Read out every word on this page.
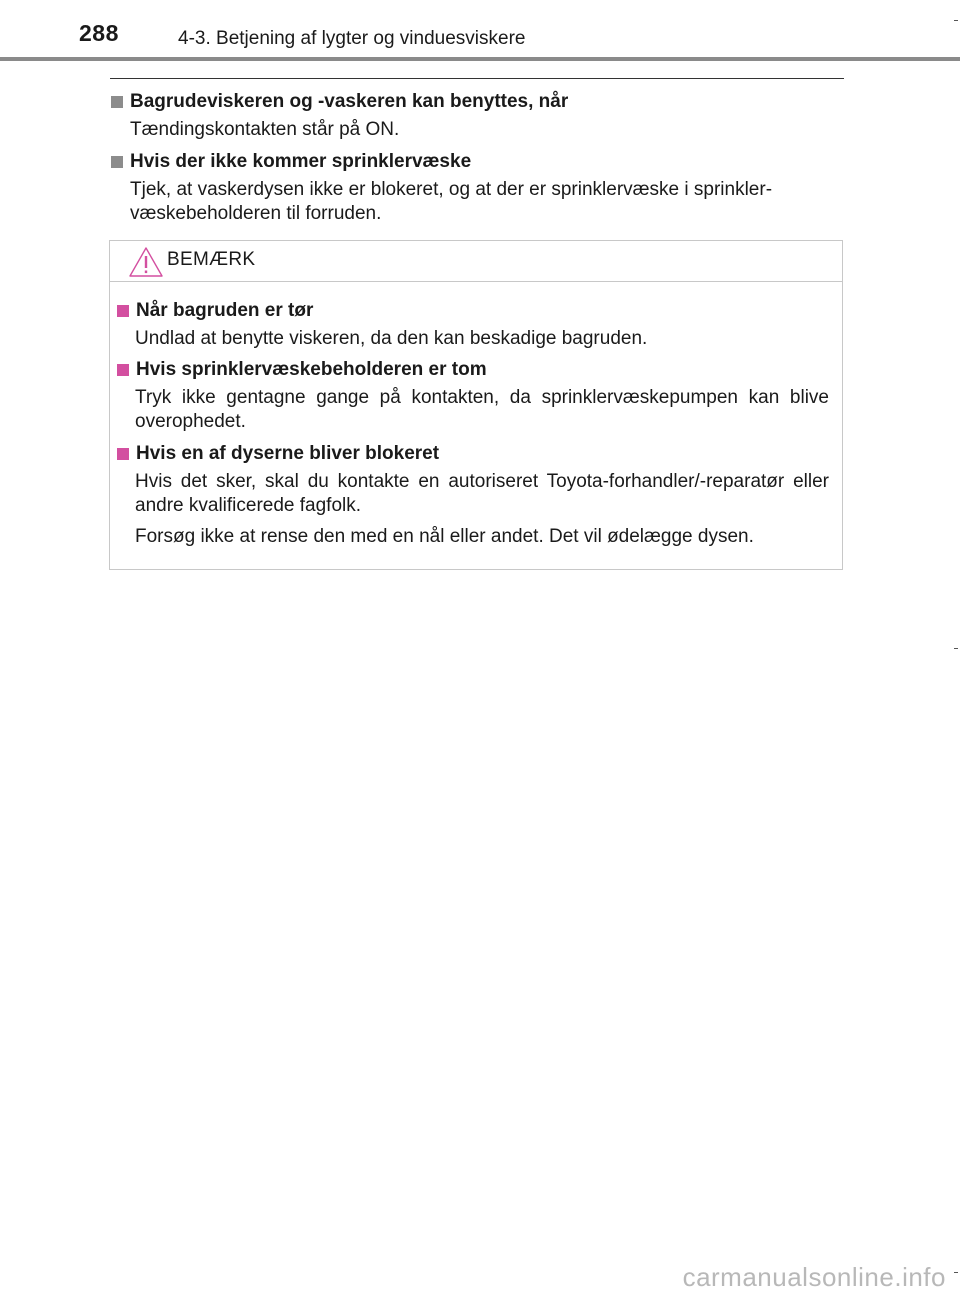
288	4-3. Betjening af lygter og vinduesviskere
Bagrudeviskeren og -vaskeren kan benyttes, når
Tændingskontakten står på ON.
Hvis der ikke kommer sprinklervæske
Tjek, at vaskerdysen ikke er blokeret, og at der er sprinklervæske i sprinkler-væskebeholderen til forruden.
BEMÆRK
Når bagruden er tør
Undlad at benytte viskeren, da den kan beskadige bagruden.
Hvis sprinklervæskebeholderen er tom
Tryk ikke gentagne gange på kontakten, da sprinklervæskepumpen kan blive overophedet.
Hvis en af dyserne bliver blokeret
Hvis det sker, skal du kontakte en autoriseret Toyota-forhandler/-reparatør eller andre kvalificerede fagfolk.
Forsøg ikke at rense den med en nål eller andet. Det vil ødelægge dysen.
carmanualsonline.info
